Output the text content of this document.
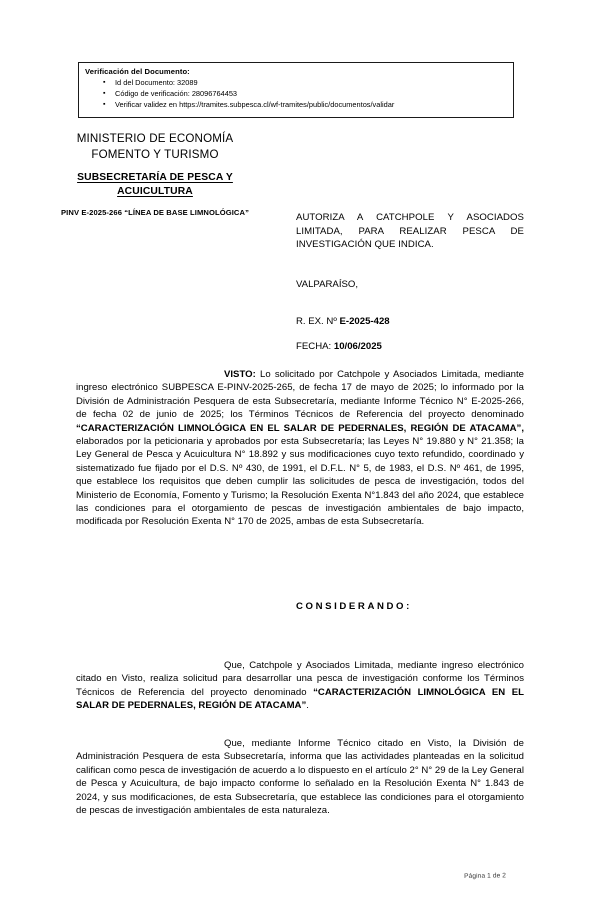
Verificación del Documento:
▪ Id del Documento: 32089
▪ Código de verificación: 28096764453
▪ Verificar validez en https://tramites.subpesca.cl/wf-tramites/public/documentos/validar
MINISTERIO DE ECONOMÍA
FOMENTO Y TURISMO
SUBSECRETARÍA DE PESCA Y
ACUICULTURA
PINV E-2025-266 “LÍNEA DE BASE LIMNOLÓGICA”	AUTORIZA A CATCHPOLE Y ASOCIADOS LIMITADA, PARA REALIZAR PESCA DE INVESTIGACIÓN QUE INDICA.
VALPARAÍSO,
R. EX. Nº E-2025-428
FECHA: 10/06/2025
VISTO: Lo solicitado por Catchpole y Asociados Limitada, mediante ingreso electrónico SUBPESCA E-PINV-2025-265, de fecha 17 de mayo de 2025; lo informado por la División de Administración Pesquera de esta Subsecretaría, mediante Informe Técnico N° E-2025-266, de fecha 02 de junio de 2025; los Términos Técnicos de Referencia del proyecto denominado “CARACTERIZACIÓN LIMNOLÓGICA EN EL SALAR DE PEDERNALES, REGIÓN DE ATACAMA”, elaborados por la peticionaria y aprobados por esta Subsecretaría; las Leyes N° 19.880 y N° 21.358; la Ley General de Pesca y Acuicultura N° 18.892 y sus modificaciones cuyo texto refundido, coordinado y sistematizado fue fijado por el D.S. Nº 430, de 1991, el D.F.L. N° 5, de 1983, el D.S. Nº 461, de 1995, que establece los requisitos que deben cumplir las solicitudes de pesca de investigación, todos del Ministerio de Economía, Fomento y Turismo; la Resolución Exenta N°1.843 del año 2024, que establece las condiciones para el otorgamiento de pescas de investigación ambientales de bajo impacto, modificada por Resolución Exenta N° 170 de 2025, ambas de esta Subsecretaría.
CONSIDERANDO:
Que, Catchpole y Asociados Limitada, mediante ingreso electrónico citado en Visto, realiza solicitud para desarrollar una pesca de investigación conforme los Términos Técnicos de Referencia del proyecto denominado “CARACTERIZACIÓN LIMNOLÓGICA EN EL SALAR DE PEDERNALES, REGIÓN DE ATACAMA”.
Que, mediante Informe Técnico citado en Visto, la División de Administración Pesquera de esta Subsecretaría, informa que las actividades planteadas en la solicitud califican como pesca de investigación de acuerdo a lo dispuesto en el artículo 2° N° 29 de la Ley General de Pesca y Acuicultura, de bajo impacto conforme lo señalado en la Resolución Exenta N° 1.843 de 2024, y sus modificaciones, de esta Subsecretaría, que establece las condiciones para el otorgamiento de pescas de investigación ambientales de esta naturaleza.
Página 1 de 2
